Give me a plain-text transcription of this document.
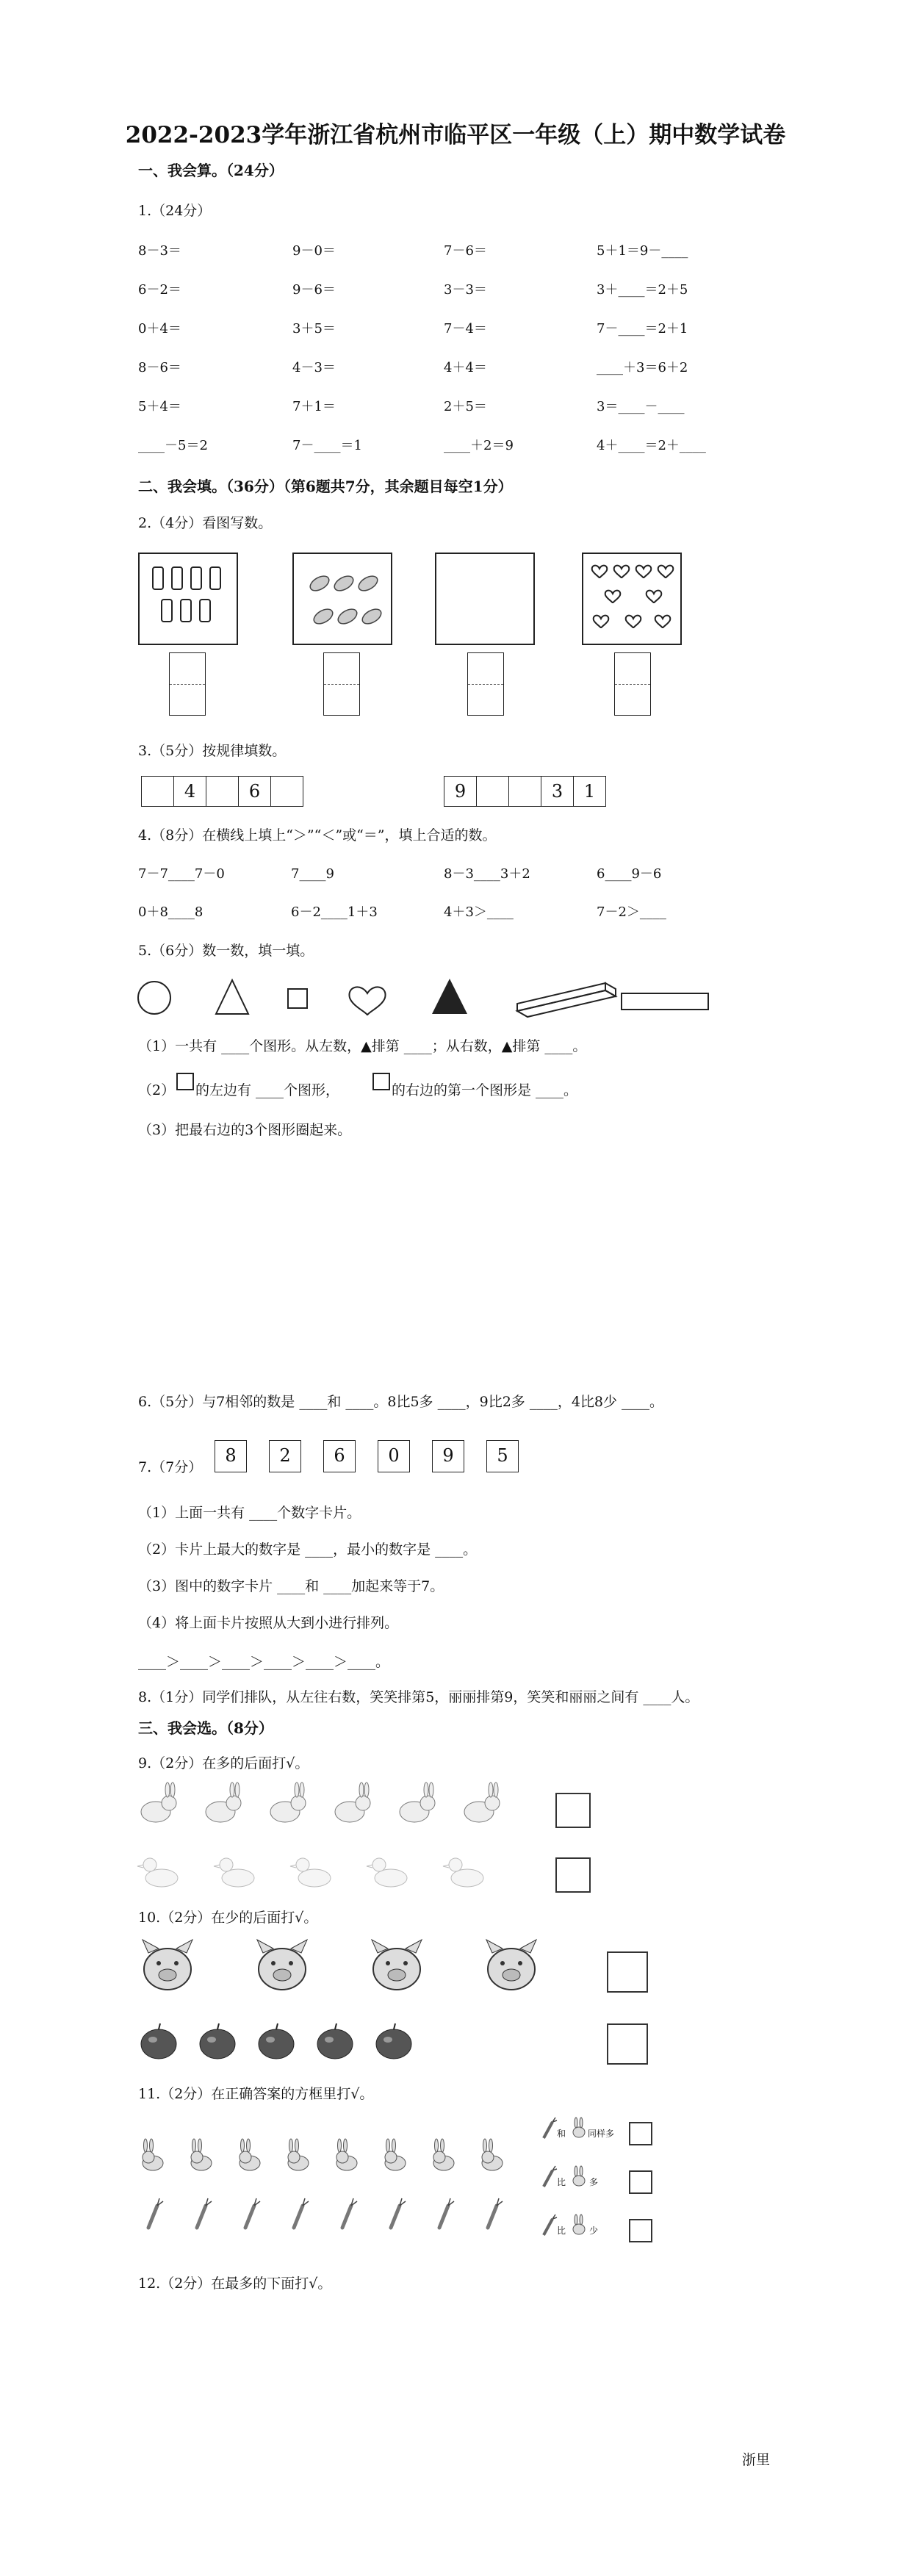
2022-2023学年浙江省杭州市临平区一年级（上）期中数学试卷
一、我会算。（24分）
1.（24分）
二、我会填。（36分）（第6题共7分，其余题目每空1分）
2.（4分）看图写数。
3.（5分）按规律填数。
4.（8分）在横线上填上“＞”“＜”或“＝”，填上合适的数。
5.（6分）数一数，填一填。
（1）一共有 ____个图形。从左数，▲排第 ____；从右数，▲排第 ____。
（2） 的左边有 ____个图形，	的右边的第一个图形是 ____。
（3）把最右边的3个图形圈起来。
6.（5分）与7相邻的数是 ____和 ____。8比5多 ____，9比2多 ____，4比8少 ____。
7.（7分）
（1）上面一共有 ____个数字卡片。
（2）卡片上最大的数字是 ____，最小的数字是 ____。
（3）图中的数字卡片 ____和 ____加起来等于7。
（4）将上面卡片按照从大到小进行排列。
____＞____＞____＞____＞____＞____。
8.（1分）同学们排队，从左往右数，笑笑排第5，丽丽排第9，笑笑和丽丽之间有 ____人。
三、我会选。（8分）
9.（2分）在多的后面打√。
10.（2分）在少的后面打√。
11.（2分）在正确答案的方框里打√。
和 同样多
比	多
比	少
12.（2分）在最多的下面打√。
浙里
8－3＝	9－0＝	7－6＝	5＋1＝9－____
6－2＝	9－6＝	3－3＝	3＋____＝2＋5
0＋4＝	3＋5＝	7－4＝	7－____＝2＋1
8－6＝	4－3＝	4＋4＝	____＋3＝6＋2
5＋4＝	7＋1＝	2＋5＝	3＝____－____
____－5＝2	7－____＝1	____＋2＝9	4＋____＝2＋____
4	6	9	3	1
7－7____7－0	7____9	8－3____3＋2	6____9－6
0＋8____8	6－2____1＋3	4＋3＞____	7－2＞____
8	2	6	0	9	5
